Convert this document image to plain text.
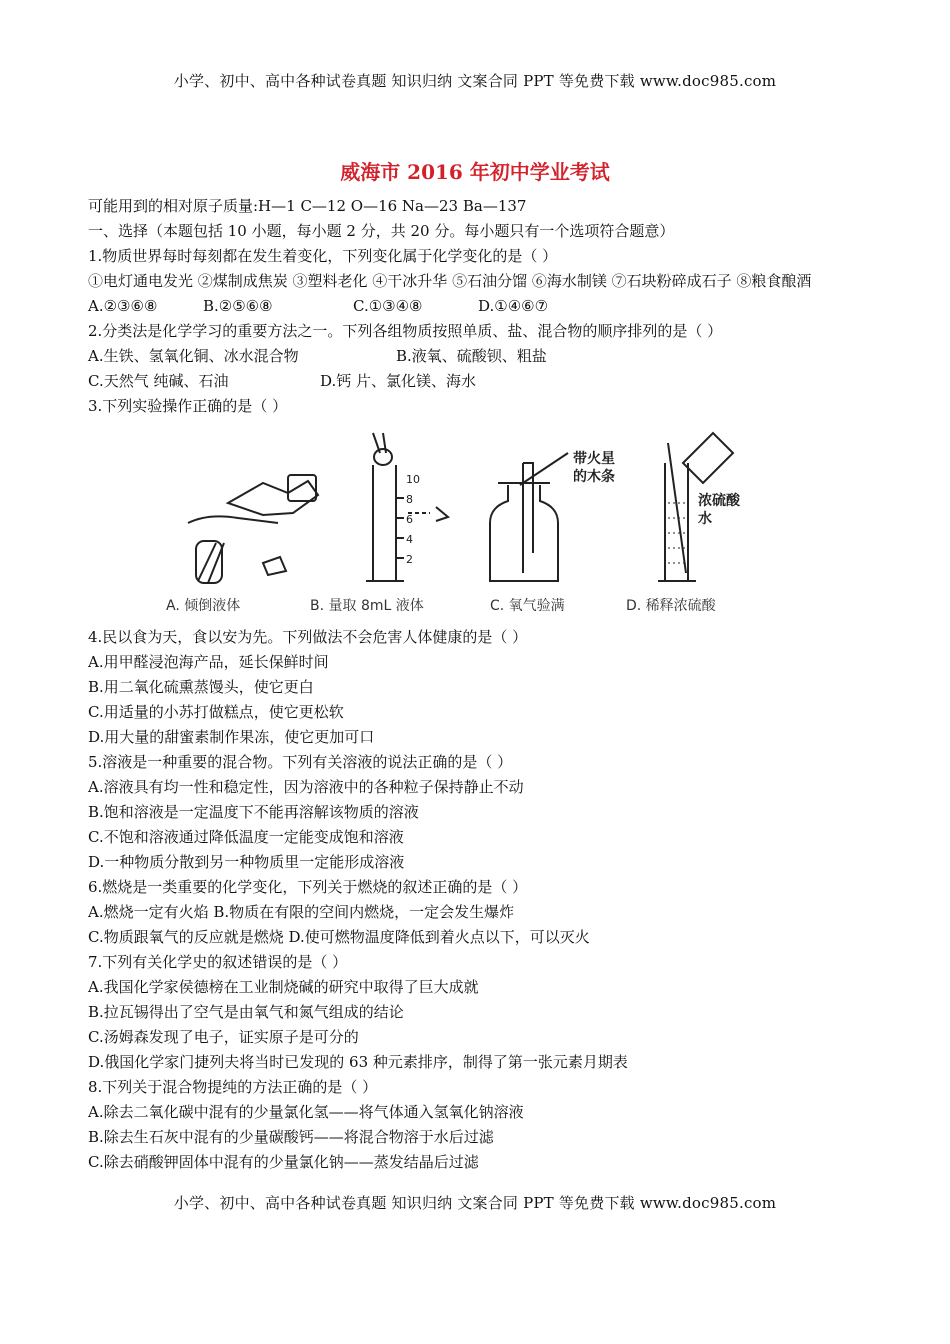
小学、初中、高中各种试卷真题 知识归纳 文案合同 PPT 等免费下载 www.doc985.com
威海市 2016 年初中学业考试
可能用到的相对原子质量:H—1 C—12 O—16 Na—23 Ba—137
一、选择（本题包括 10 小题，每小题 2 分，共 20 分。每小题只有一个选项符合题意）
1.物质世界每时每刻都在发生着变化，下列变化属于化学变化的是（ ）
①电灯通电发光 ②煤制成焦炭 ③塑料老化 ④干冰升华 ⑤石油分馏 ⑥海水制镁 ⑦石块粉碎成石子 ⑧粮食酿酒
A.②③⑥⑧	B.②⑤⑥⑧	C.①③④⑧	D.①④⑥⑦
2.分类法是化学学习的重要方法之一。下列各组物质按照单质、盐、混合物的顺序排列的是（ ）
A.生铁、氢氧化铜、冰水混合物	B.液氧、硫酸钡、粗盐
C.天然气 纯碱、石油	D.钙 片、氯化镁、海水
3.下列实验操作正确的是（ ）
10
8
6
4
2
带火星
的木条
浓硫酸
水
A. 倾倒液体	B. 量取 8mL 液体	C. 氧气验满	D. 稀释浓硫酸
4.民以食为天，食以安为先。下列做法不会危害人体健康的是（ ）
A.用甲醛浸泡海产品，延长保鲜时间
B.用二氧化硫熏蒸馒头，使它更白
C.用适量的小苏打做糕点，使它更松软
D.用大量的甜蜜素制作果冻，使它更加可口
5.溶液是一种重要的混合物。下列有关溶液的说法正确的是（ ）
A.溶液具有均一性和稳定性，因为溶液中的各种粒子保持静止不动
B.饱和溶液是一定温度下不能再溶解该物质的溶液
C.不饱和溶液通过降低温度一定能变成饱和溶液
D.一种物质分散到另一种物质里一定能形成溶液
6.燃烧是一类重要的化学变化，下列关于燃烧的叙述正确的是（ ）
A.燃烧一定有火焰 B.物质在有限的空间内燃烧，一定会发生爆炸
C.物质跟氧气的反应就是燃烧 D.使可燃物温度降低到着火点以下，可以灭火
7.下列有关化学史的叙述错误的是（ ）
A.我国化学家侯德榜在工业制烧碱的研究中取得了巨大成就
B.拉瓦锡得出了空气是由氧气和氮气组成的结论
C.汤姆森发现了电子，证实原子是可分的
D.俄国化学家门捷列夫将当时已发现的 63 种元素排序，制得了第一张元素月期表
8.下列关于混合物提纯的方法正确的是（ ）
A.除去二氧化碳中混有的少量氯化氢——将气体通入氢氧化钠溶液
B.除去生石灰中混有的少量碳酸钙——将混合物溶于水后过滤
C.除去硝酸钾固体中混有的少量氯化钠——蒸发结晶后过滤
小学、初中、高中各种试卷真题 知识归纳 文案合同 PPT 等免费下载 www.doc985.com
